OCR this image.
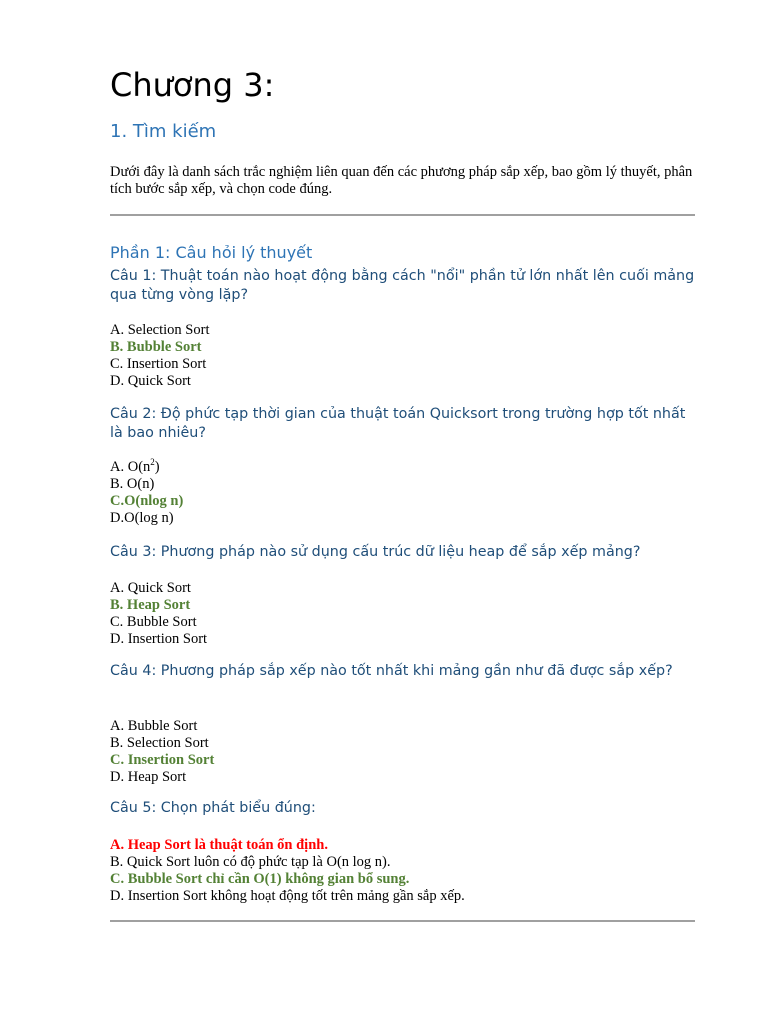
Chương 3:
1. Tìm kiếm
Dưới đây là danh sách trắc nghiệm liên quan đến các phương pháp sắp xếp, bao gồm lý thuyết, phân tích bước sắp xếp, và chọn code đúng.
Phần 1: Câu hỏi lý thuyết
Câu 1: Thuật toán nào hoạt động bằng cách "nổi" phần tử lớn nhất lên cuối mảng qua từng vòng lặp?
A. Selection Sort
B. Bubble Sort
C. Insertion Sort
D. Quick Sort
Câu 2: Độ phức tạp thời gian của thuật toán Quicksort trong trường hợp tốt nhất là bao nhiêu?
A. $O(n^2)$
B. O(n)
C.O(nlog n)
D.O(log n)
Câu 3: Phương pháp nào sử dụng cấu trúc dữ liệu heap để sắp xếp mảng?
A. Quick Sort
B. Heap Sort
C. Bubble Sort
D. Insertion Sort
Câu 4: Phương pháp sắp xếp nào tốt nhất khi mảng gần như đã được sắp xếp?
A. Bubble Sort
B. Selection Sort
C. Insertion Sort
D. Heap Sort
Câu 5: Chọn phát biểu đúng:
A. Heap Sort là thuật toán ổn định.
B. Quick Sort luôn có độ phức tạp là O(n log n).
C. Bubble Sort chỉ cần O(1) không gian bổ sung.
D. Insertion Sort không hoạt động tốt trên mảng gần sắp xếp.
